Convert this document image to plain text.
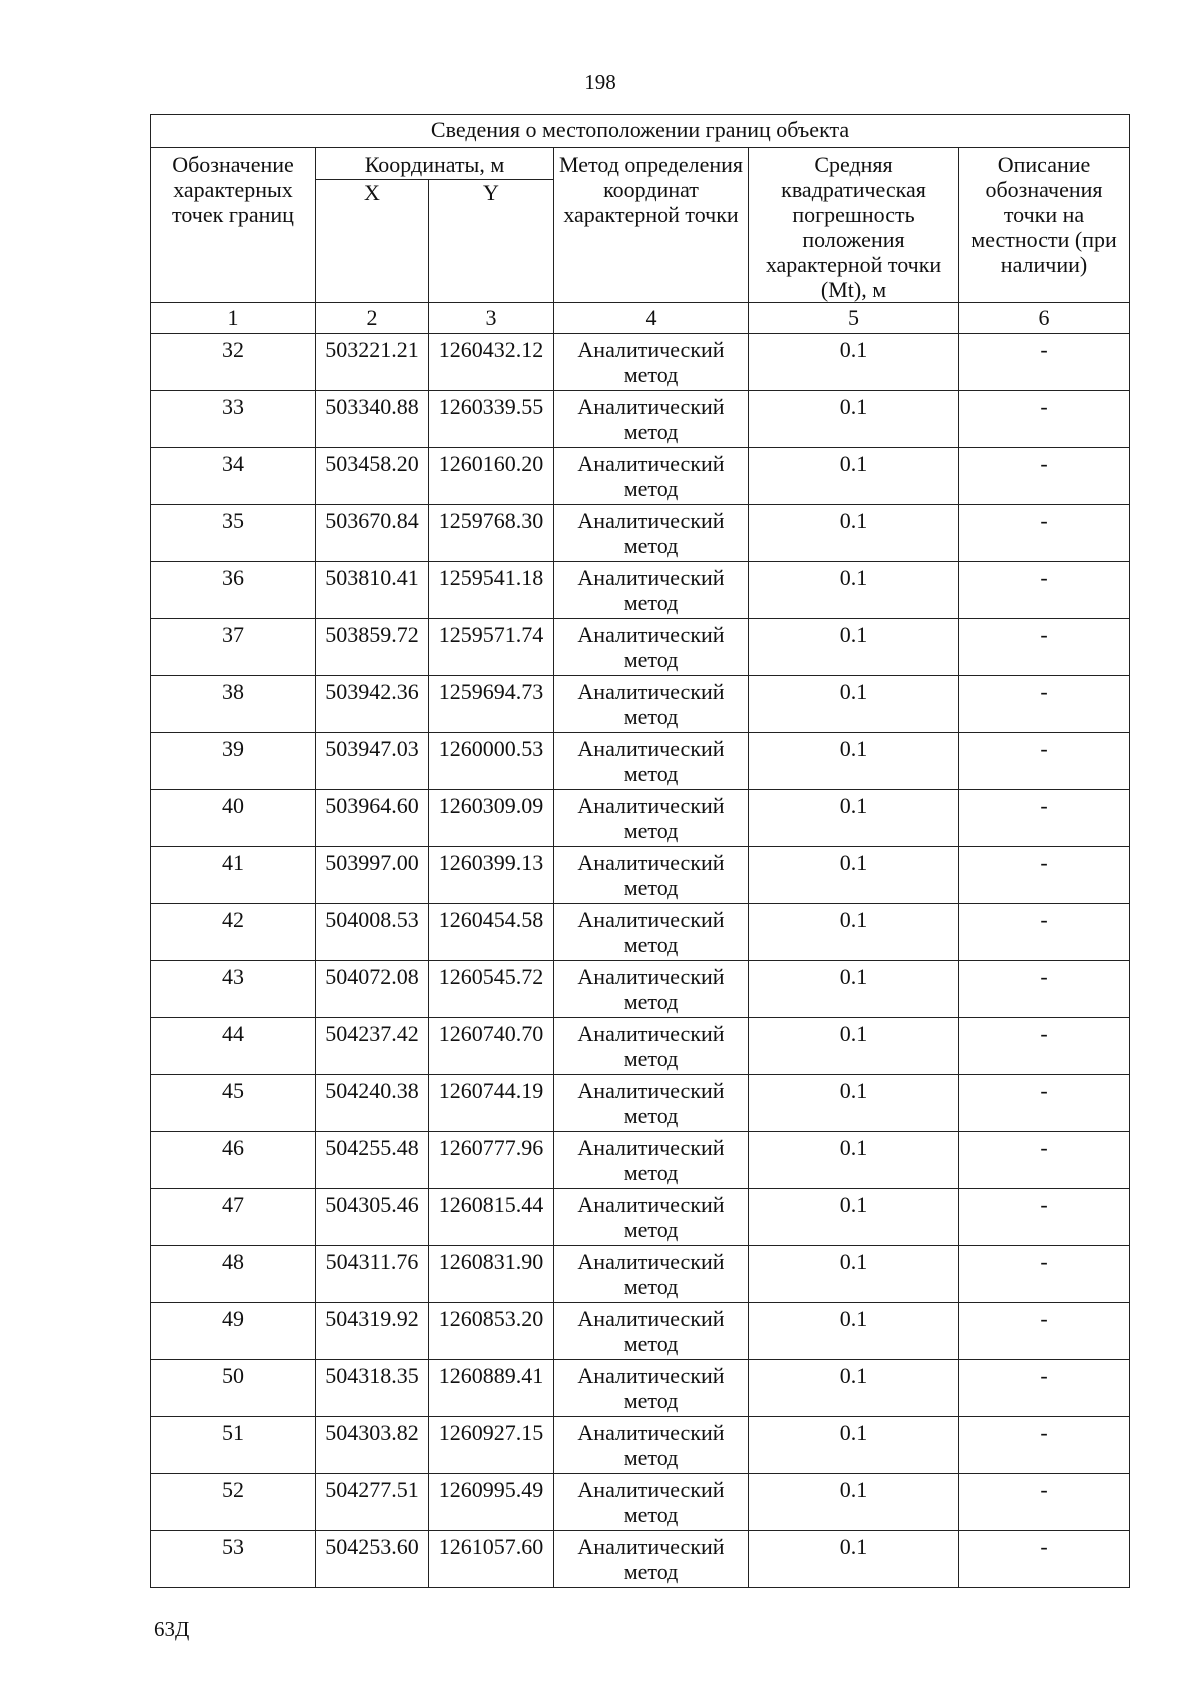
198
Сведения о местоположении границ объекта					
Обозначение характерных точек границ	Координаты, м		Метод определения координат характерной точки	Средняя квадратическая погрешность положения характерной точки (Mt), м	Описание обозначения точки на местности (при наличии)
	X	Y			
1	2	3	4	5	6
32	503221.21	1260432.12	Аналитический метод	0.1	-
33	503340.88	1260339.55	Аналитический метод	0.1	-
34	503458.20	1260160.20	Аналитический метод	0.1	-
35	503670.84	1259768.30	Аналитический метод	0.1	-
36	503810.41	1259541.18	Аналитический метод	0.1	-
37	503859.72	1259571.74	Аналитический метод	0.1	-
38	503942.36	1259694.73	Аналитический метод	0.1	-
39	503947.03	1260000.53	Аналитический метод	0.1	-
40	503964.60	1260309.09	Аналитический метод	0.1	-
41	503997.00	1260399.13	Аналитический метод	0.1	-
42	504008.53	1260454.58	Аналитический метод	0.1	-
43	504072.08	1260545.72	Аналитический метод	0.1	-
44	504237.42	1260740.70	Аналитический метод	0.1	-
45	504240.38	1260744.19	Аналитический метод	0.1	-
46	504255.48	1260777.96	Аналитический метод	0.1	-
47	504305.46	1260815.44	Аналитический метод	0.1	-
48	504311.76	1260831.90	Аналитический метод	0.1	-
49	504319.92	1260853.20	Аналитический метод	0.1	-
50	504318.35	1260889.41	Аналитический метод	0.1	-
51	504303.82	1260927.15	Аналитический метод	0.1	-
52	504277.51	1260995.49	Аналитический метод	0.1	-
53	504253.60	1261057.60	Аналитический метод	0.1	-
63Д
